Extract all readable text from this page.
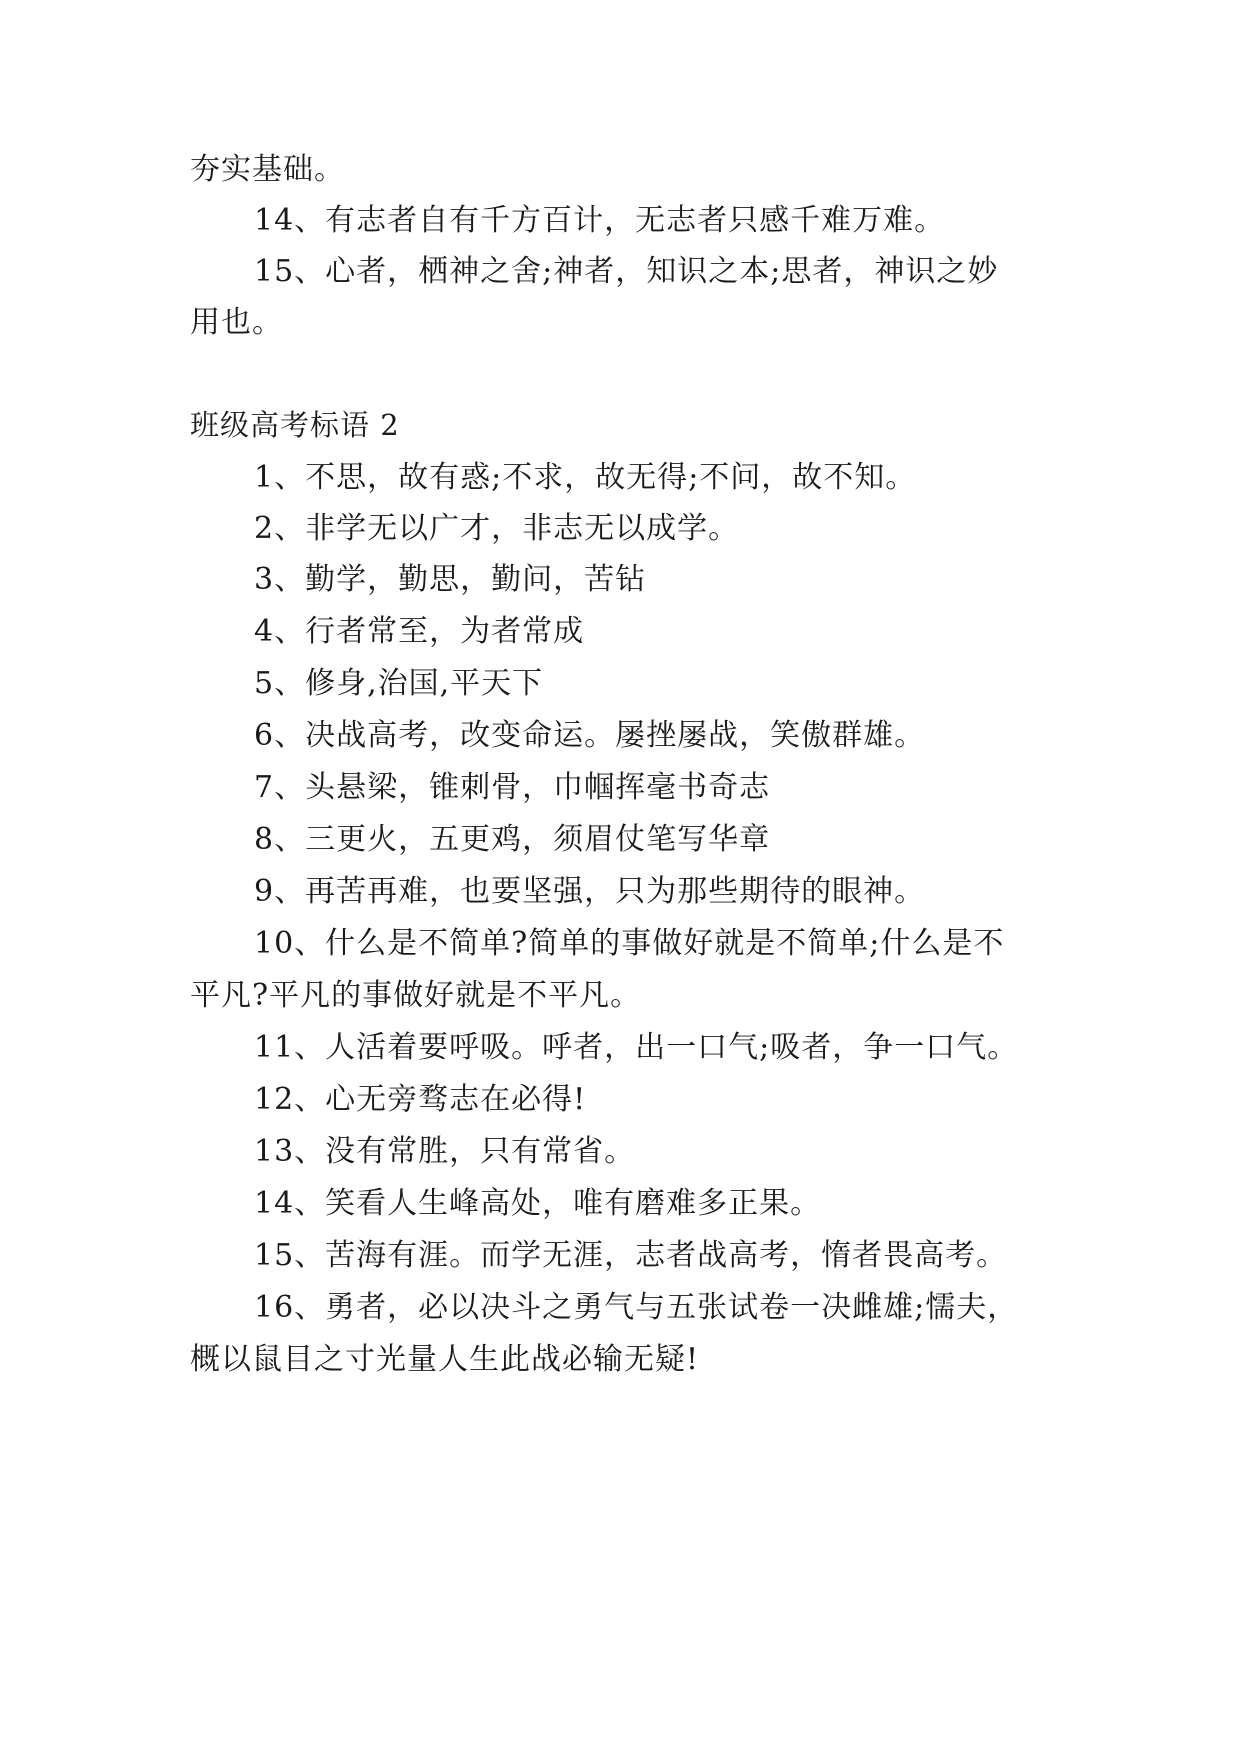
夯实基础。
14、有志者自有千方百计，无志者只感千难万难。
15、心者，栖神之舍;神者，知识之本;思者，神识之妙
用也。
班级高考标语 2
1、不思，故有惑;不求，故无得;不问，故不知。
2、非学无以广才，非志无以成学。
3、勤学，勤思，勤问，苦钻
4、行者常至，为者常成
5、修身,治国,平天下
6、决战高考，改变命运。屡挫屡战，笑傲群雄。
7、头悬梁，锥刺骨，巾帼挥毫书奇志
8、三更火，五更鸡，须眉仗笔写华章
9、再苦再难，也要坚强，只为那些期待的眼神。
10、什么是不简单?简单的事做好就是不简单;什么是不
平凡?平凡的事做好就是不平凡。
11、人活着要呼吸。呼者，出一口气;吸者，争一口气。
12、心无旁骛志在必得!
13、没有常胜，只有常省。
14、笑看人生峰高处，唯有磨难多正果。
15、苦海有涯。而学无涯，志者战高考，惰者畏高考。
16、勇者，必以决斗之勇气与五张试卷一决雌雄;懦夫，
概以鼠目之寸光量人生此战必输无疑!
